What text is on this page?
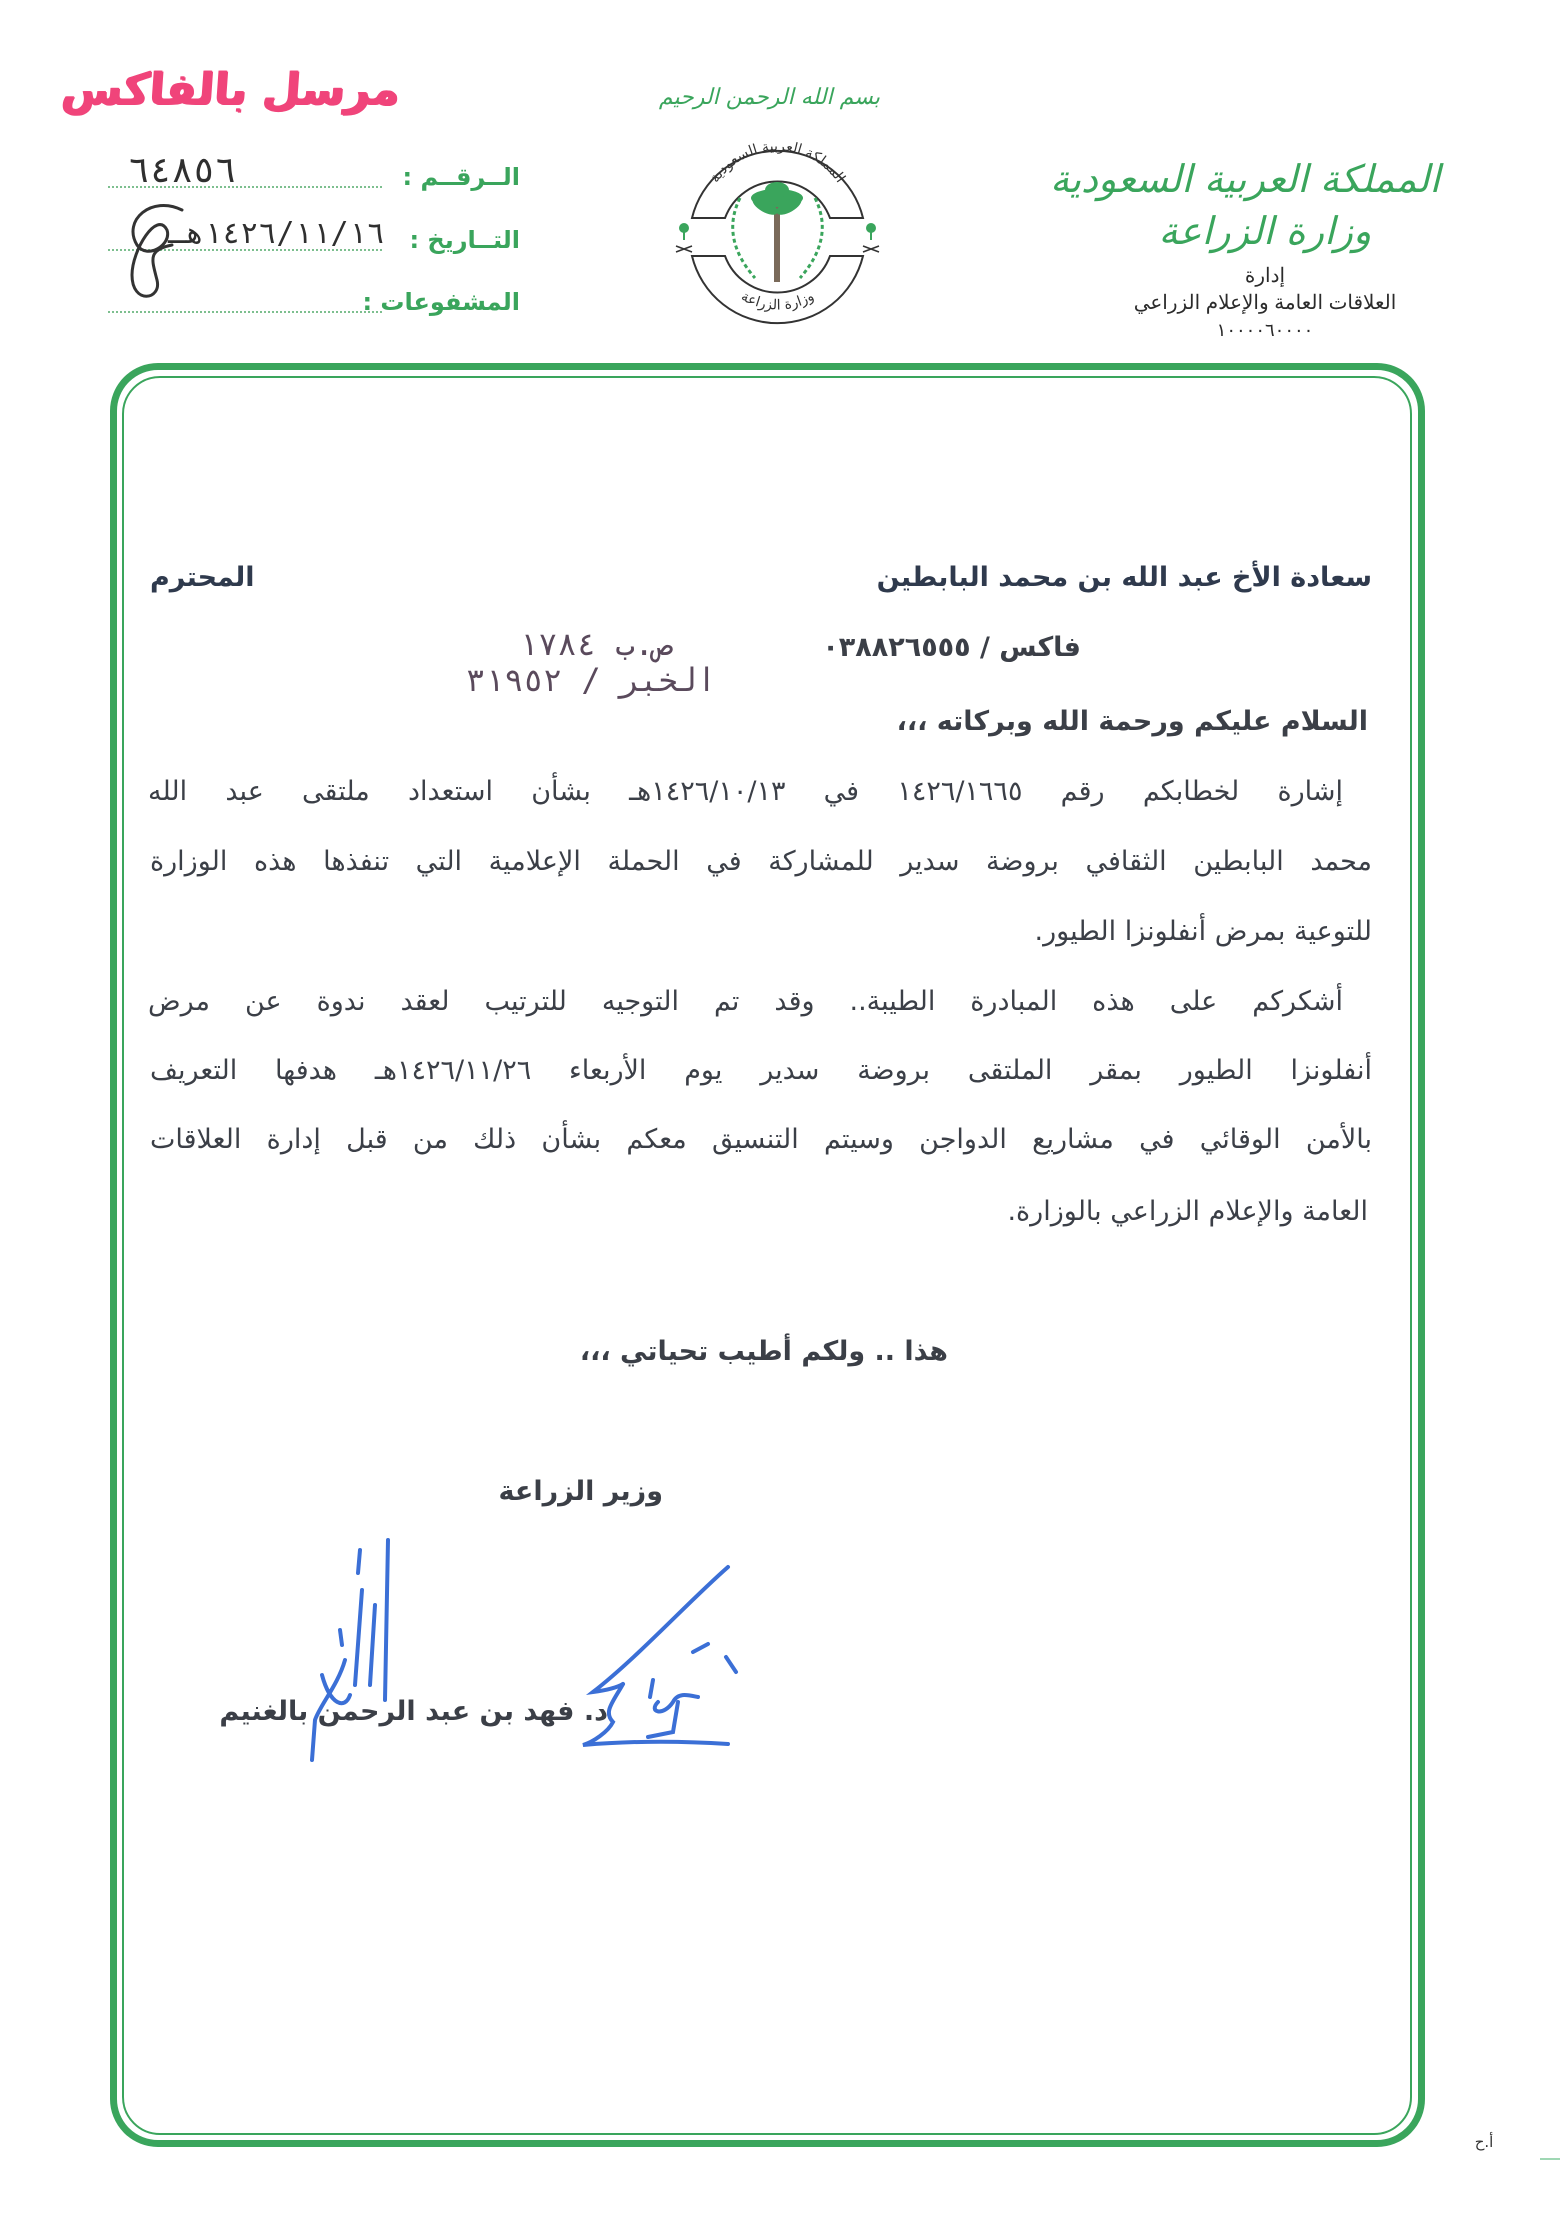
مرسل بالفاكس
٦٤٨٥٦	الــرقــم :
١٤٢٦/١١/١٦هـ التــاريخ :
المشفوعات :
بسم الله الرحمن الرحيم
المملكة العربية السعودية
وزارة الزراعة
المملكة العربية السعودية
وزارة الزراعة
إدارة
العلاقات العامة والإعلام الزراعي
١٠٠٠٠٦٠٠٠٠
سعادة الأخ عبد الله بن محمد البابطين
المحترم
فاكس / ٠٣٨٨٢٦٥٥٥
ص.ب ١٧٨٤
الخبر / ٣١٩٥٢
السلام عليكم ورحمة الله وبركاته ،،،
إشارة لخطابكم رقم ١٤٢٦/١٦٦٥ في ١٤٢٦/١٠/١٣هـ بشأن استعداد ملتقى عبد الله
محمد البابطين الثقافي بروضة سدير للمشاركة في الحملة الإعلامية التي تنفذها هذه الوزارة
للتوعية بمرض أنفلونزا الطيور.
أشكركم على هذه المبادرة الطيبة.. وقد تم التوجيه للترتيب لعقد ندوة عن مرض
أنفلونزا الطيور بمقر الملتقى بروضة سدير يوم الأربعاء ١٤٢٦/١١/٢٦هـ هدفها التعريف
بالأمن الوقائي في مشاريع الدواجن وسيتم التنسيق معكم بشأن ذلك من قبل إدارة العلاقات
العامة والإعلام الزراعي بالوزارة.
هذا .. ولكم أطيب تحياتي ،،،
وزير الزراعة
د. فهد بن عبد الرحمن بالغنيم
أ.ح
